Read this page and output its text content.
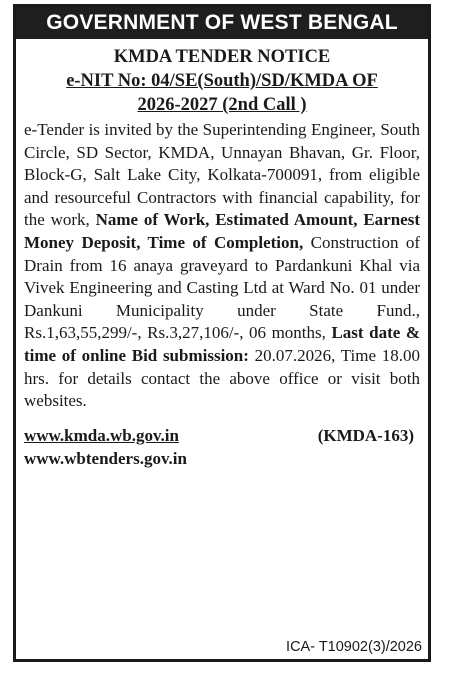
GOVERNMENT OF WEST BENGAL
KMDA TENDER NOTICE
e-NIT No: 04/SE(South)/SD/KMDA OF
2026-2027 (2nd Call )
e-Tender is invited by the Superintending Engineer, South Circle, SD Sector, KMDA, Unnayan Bhavan, Gr. Floor, Block-G, Salt Lake City, Kolkata-700091, from eligible and resourceful Contractors with financial capability, for the work, Name of Work, Estimated Amount, Earnest Money Deposit, Time of Completion, Construction of Drain from 16 anaya graveyard to Pardankuni Khal via Vivek Engineering and Casting Ltd at Ward No. 01 under Dankuni Municipality under State Fund., Rs.1,63,55,299/-, Rs.3,27,106/-, 06 months, Last date & time of online Bid submission: 20.07.2026, Time 18.00 hrs. for details contact the above office or visit both websites.
www.kmda.wb.gov.in	(KMDA-163)
www.wbtenders.gov.in
ICA- T10902(3)/2026
